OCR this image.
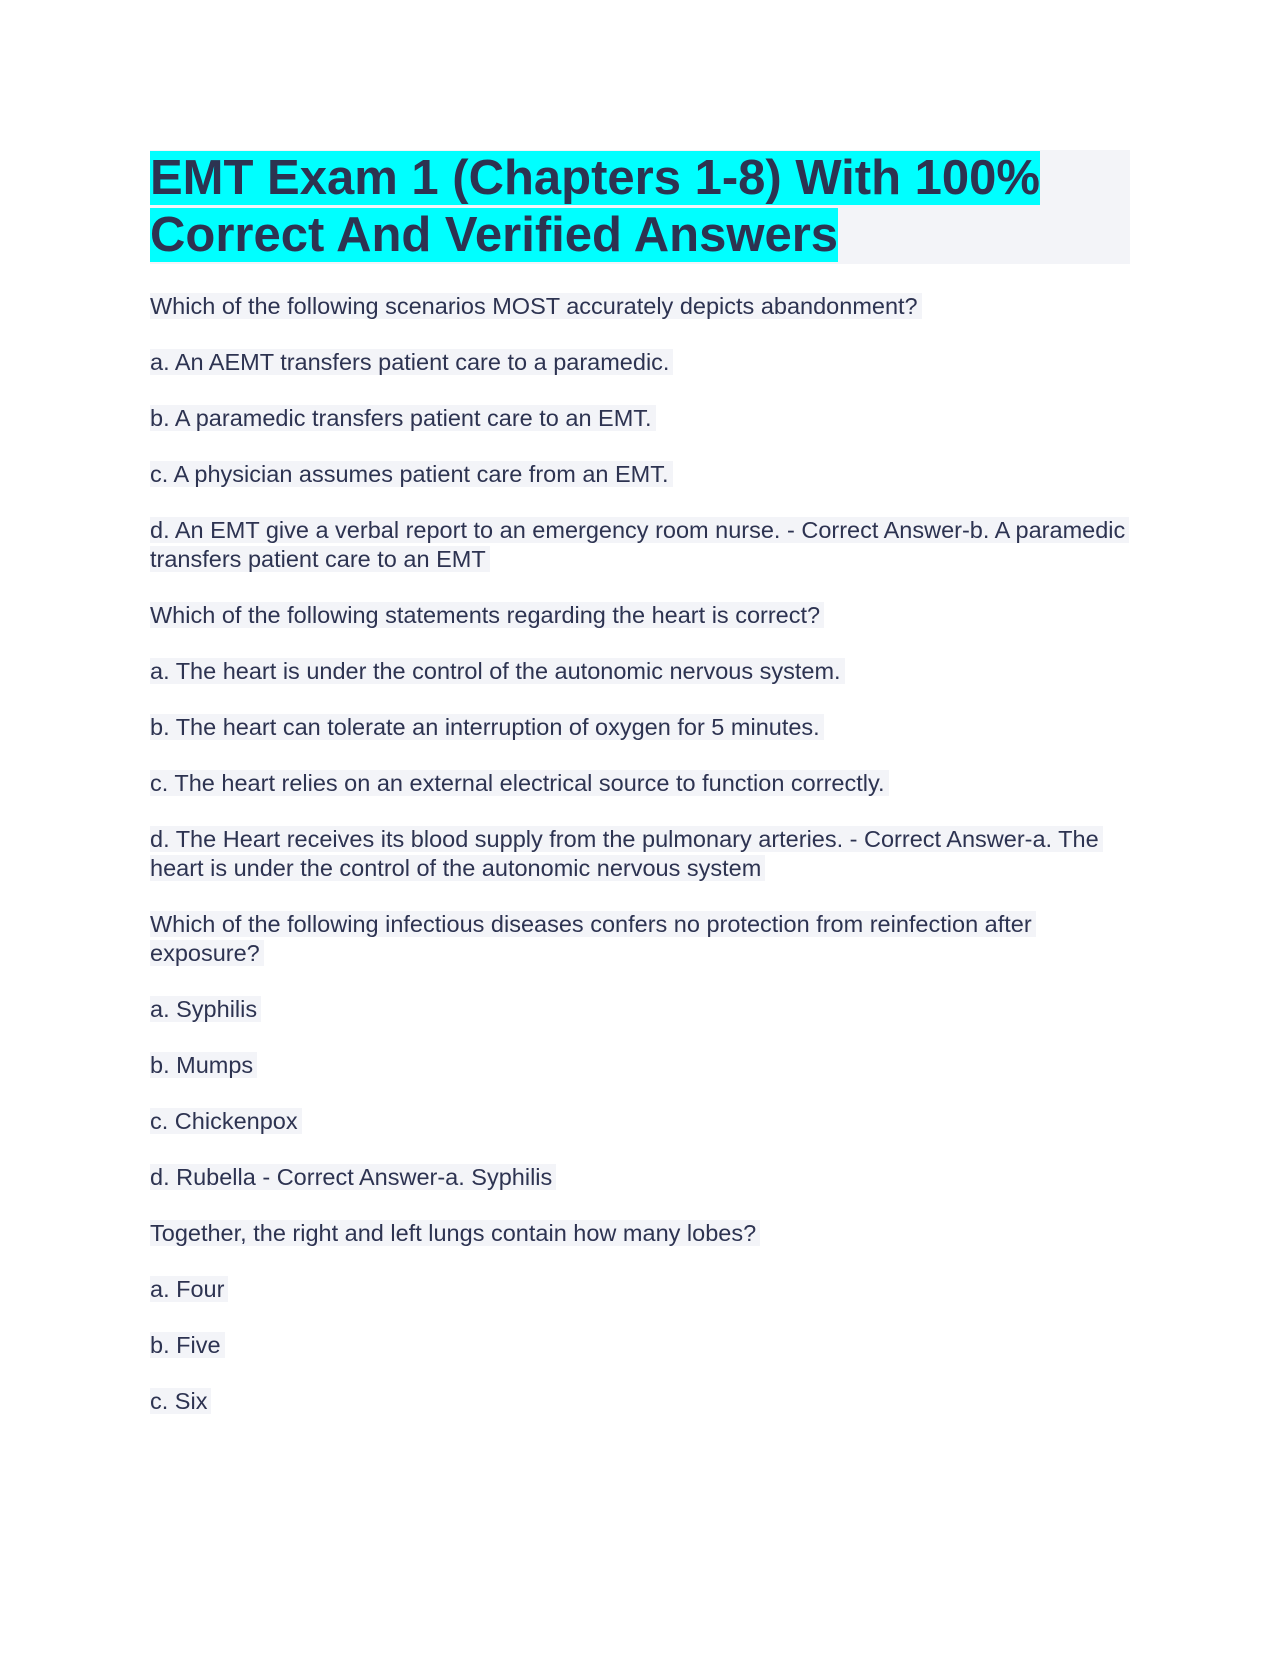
EMT Exam 1 (Chapters 1-8) With 100% Correct And Verified Answers

Which of the following scenarios MOST accurately depicts abandonment?

a. An AEMT transfers patient care to a paramedic.

b. A paramedic transfers patient care to an EMT.

c. A physician assumes patient care from an EMT.

d. An EMT give a verbal report to an emergency room nurse. - Correct Answer-b. A paramedic transfers patient care to an EMT

Which of the following statements regarding the heart is correct?

a. The heart is under the control of the autonomic nervous system.

b. The heart can tolerate an interruption of oxygen for 5 minutes.

c. The heart relies on an external electrical source to function correctly.

d. The Heart receives its blood supply from the pulmonary arteries. - Correct Answer-a. The heart is under the control of the autonomic nervous system

Which of the following infectious diseases confers no protection from reinfection after exposure?

a. Syphilis

b. Mumps

c. Chickenpox

d. Rubella - Correct Answer-a. Syphilis

Together, the right and left lungs contain how many lobes?

a. Four

b. Five

c. Six
